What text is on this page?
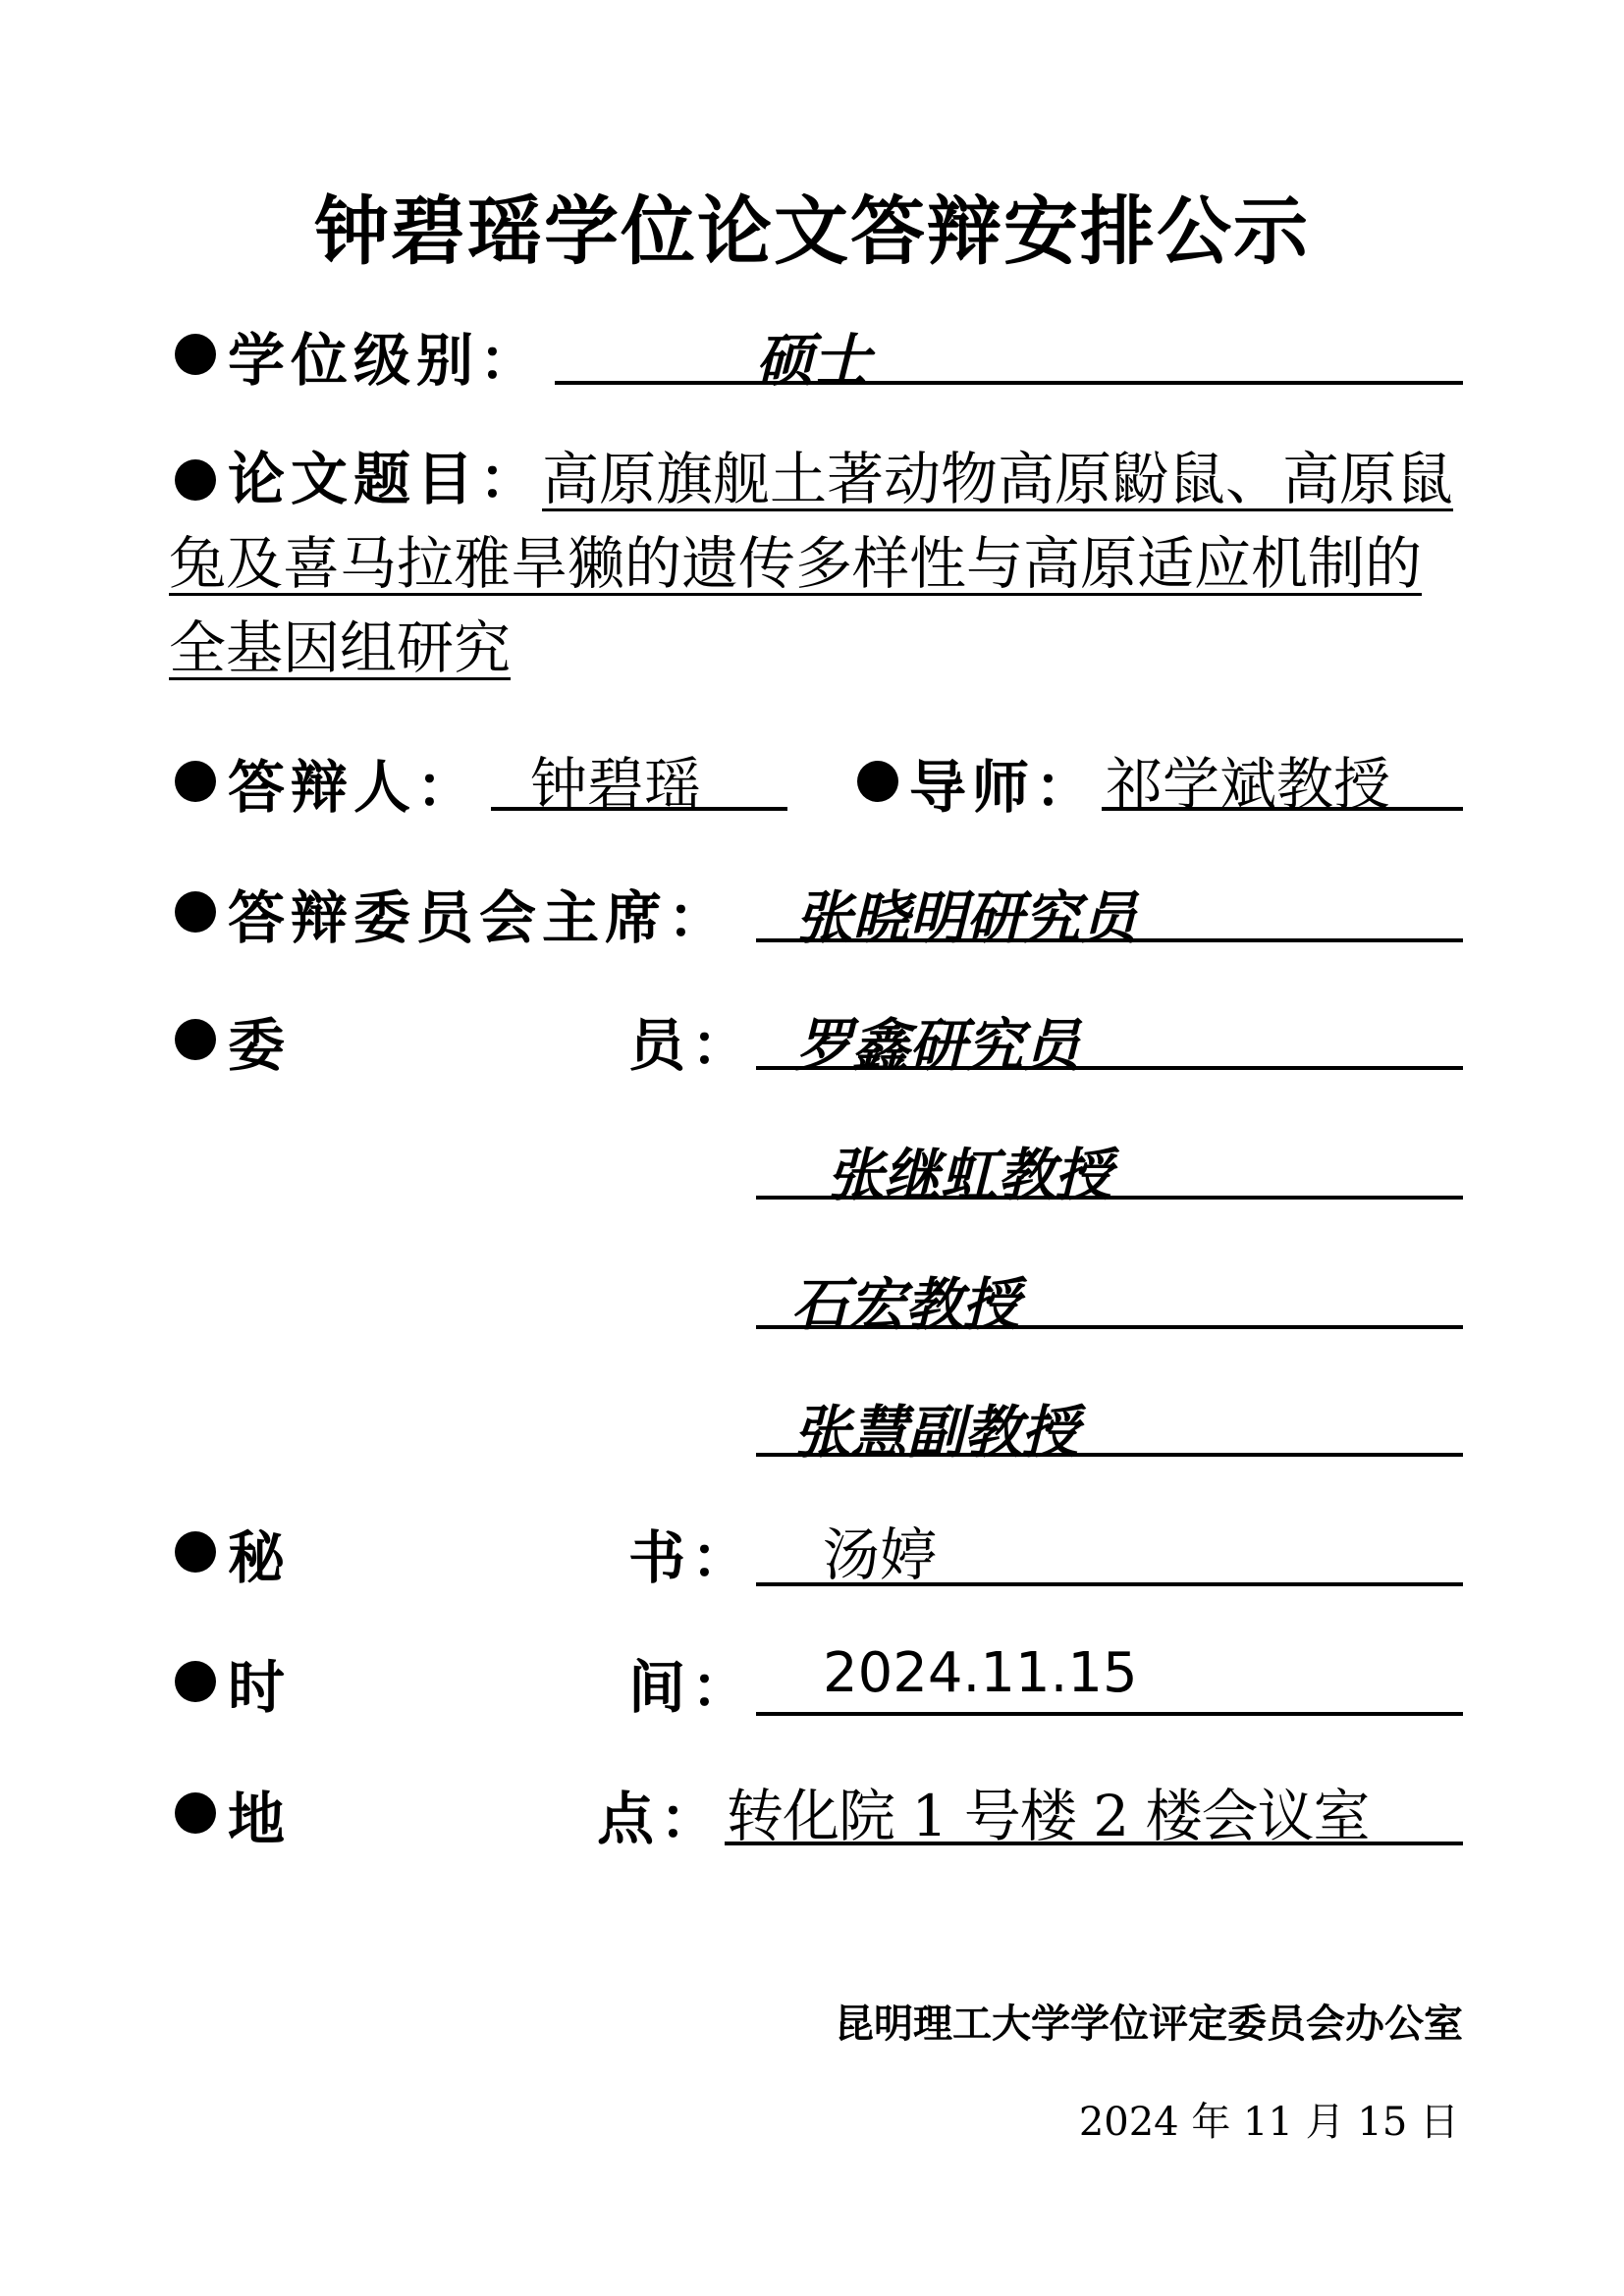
钟碧瑶学位论文答辩安排公示
学位级别：	硕士
论文题目：高原旗舰土著动物高原鼢鼠、高原鼠兔及喜马拉雅旱獭的遗传多样性与高原适应机制的全基因组研究
答辩人： 钟碧瑶	导师： 祁学斌教授
答辩委员会主席： 张晓明研究员
委	员： 罗鑫研究员
张继虹教授
石宏教授
张慧副教授
秘	书： 汤婷
时	间： 2024.11.15
地	点： 转化院 1 号楼 2 楼会议室
昆明理工大学学位评定委员会办公室
2024 年 11 月 15 日
